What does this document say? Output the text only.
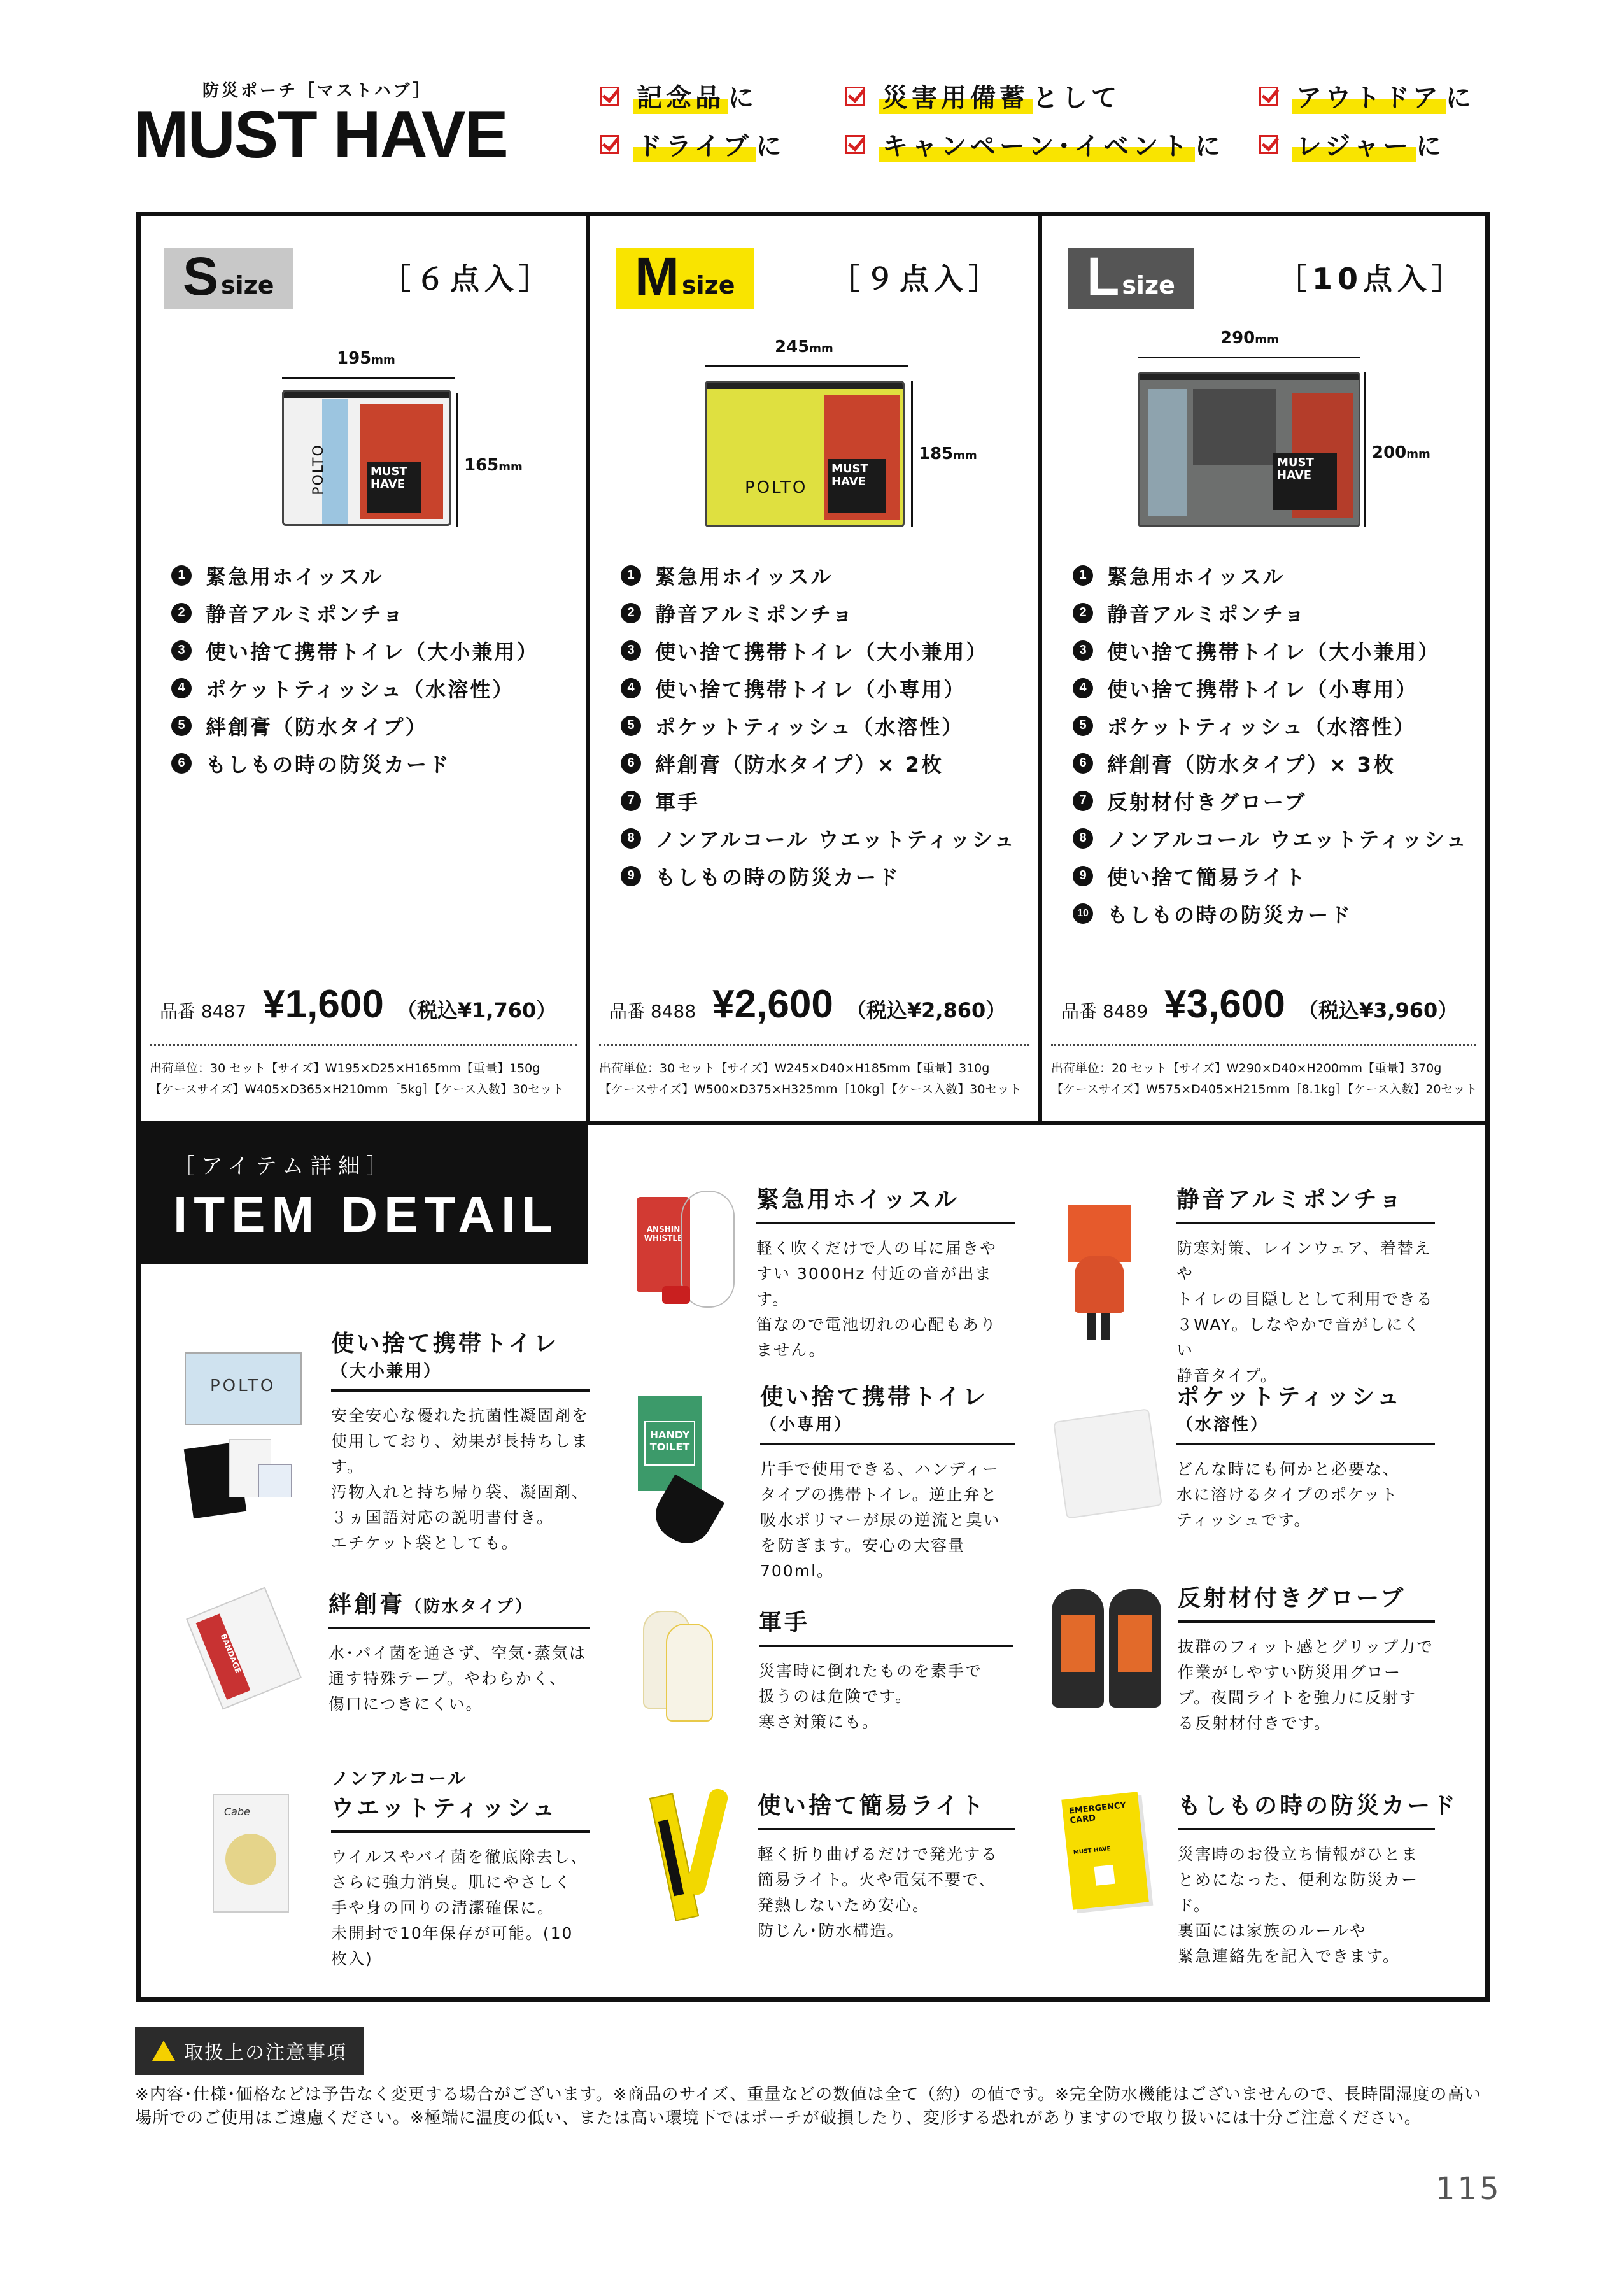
防災ポーチ［マストハブ］
MUST HAVE	記念品 に	災害用備蓄 として	アウトドア に
ドライブ に	キャンペーン･イベント に	レジャー に
S size	［６点入］
195mm
165mm
MUST HAVE
POLTO
1	緊急用ホイッスル
2	静音アルミポンチョ
3	使い捨て携帯トイレ（大小兼用）
4	ポケットティッシュ（水溶性）
5	絆創膏（防水タイプ）
6	もしもの時の防災カード
品番 8487 ¥1,600 （税込¥1,760）
出荷単位：30 セット【サイズ】W195×D25×H165mm【重量】150g
【ケースサイズ】W405×D365×H210mm［5kg］【ケース入数】30セット
M size	［９点入］
245mm
185mm
MUST HAVE
POLTO
1	緊急用ホイッスル
2	静音アルミポンチョ
3	使い捨て携帯トイレ（大小兼用）
4	使い捨て携帯トイレ（小専用）
5	ポケットティッシュ（水溶性）
6	絆創膏（防水タイプ）× 2枚
7	軍手
8	ノンアルコール ウエットティッシュ
9	もしもの時の防災カード
品番 8488 ¥2,600 （税込¥2,860）
出荷単位：30 セット【サイズ】W245×D40×H185mm【重量】310g
【ケースサイズ】W500×D375×H325mm［10kg］【ケース入数】30セット
L size	［10点入］
290mm
200mm
MUST HAVE
1	緊急用ホイッスル
2	静音アルミポンチョ
3	使い捨て携帯トイレ（大小兼用）
4	使い捨て携帯トイレ（小専用）
5	ポケットティッシュ（水溶性）
6	絆創膏（防水タイプ）× 3枚
7	反射材付きグローブ
8	ノンアルコール ウエットティッシュ
9	使い捨て簡易ライト
10 もしもの時の防災カード
品番 8489 ¥3,600 （税込¥3,960）
出荷単位：20 セット【サイズ】W290×D40×H200mm【重量】370g
【ケースサイズ】W575×D405×H215mm［8.1kg］【ケース入数】20セット
［アイテム詳細］
ITEM DETAIL	ANSHIN WHISTLE
POLTO
HANDY TOILET
BANDAGE
Cabe	EMERGENCY CARD
MUST HAVE
緊急用ホイッスル
軽く吹くだけで人の耳に届きや
すい 3000Hz 付近の音が出ます。
笛なので電池切れの心配もあり
ません。
静音アルミポンチョ
防寒対策、レインウェア、着替えや
トイレの目隠しとして利用できる
３WAY。しなやかで音がしにくい
静音タイプ。
使い捨て携帯トイレ
（大小兼用）
安全安心な優れた抗菌性凝固剤を
使用しており、効果が長持ちします。
汚物入れと持ち帰り袋、凝固剤、
３ヵ国語対応の説明書付き。
エチケット袋としても。
使い捨て携帯トイレ
（小専用）
片手で使用できる、ハンディー
タイプの携帯トイレ。逆止弁と
吸水ポリマーが尿の逆流と臭い
を防ぎます。安心の大容量700ml。
ポケットティッシュ
（水溶性）
どんな時にも何かと必要な、
水に溶けるタイプのポケット
ティッシュです。
絆創膏（防水タイプ）
水･バイ菌を通さず、空気･蒸気は
通す特殊テープ。やわらかく、
傷口につきにくい。
軍手
災害時に倒れたものを素手で
扱うのは危険です。
寒さ対策にも。
反射材付きグローブ
抜群のフィット感とグリップ力で
作業がしやすい防災用グロー
プ。夜間ライトを強力に反射す
る反射材付きです。
ノンアルコール
ウエットティッシュ
ウイルスやバイ菌を徹底除去し、
さらに強力消臭。肌にやさしく
手や身の回りの清潔確保に。
未開封で10年保存が可能。(10枚入)
使い捨て簡易ライト
軽く折り曲げるだけで発光する
簡易ライト。火や電気不要で、
発熱しないため安心。
防じん･防水構造。
もしもの時の防災カード
災害時のお役立ち情報がひとま
とめになった、便利な防災カード。
裏面には家族のルールや
緊急連絡先を記入できます。
取扱上の注意事項
※内容･仕様･価格などは予告なく変更する場合がございます。※商品のサイズ、重量などの数値は全て（約）の値です。※完全防水機能はございませんので、長時間湿度の高い場所でのご使用はご遠慮ください。※極端に温度の低い、または高い環境下ではポーチが破損したり、変形する恐れがありますので取り扱いには十分ご注意ください。
115
